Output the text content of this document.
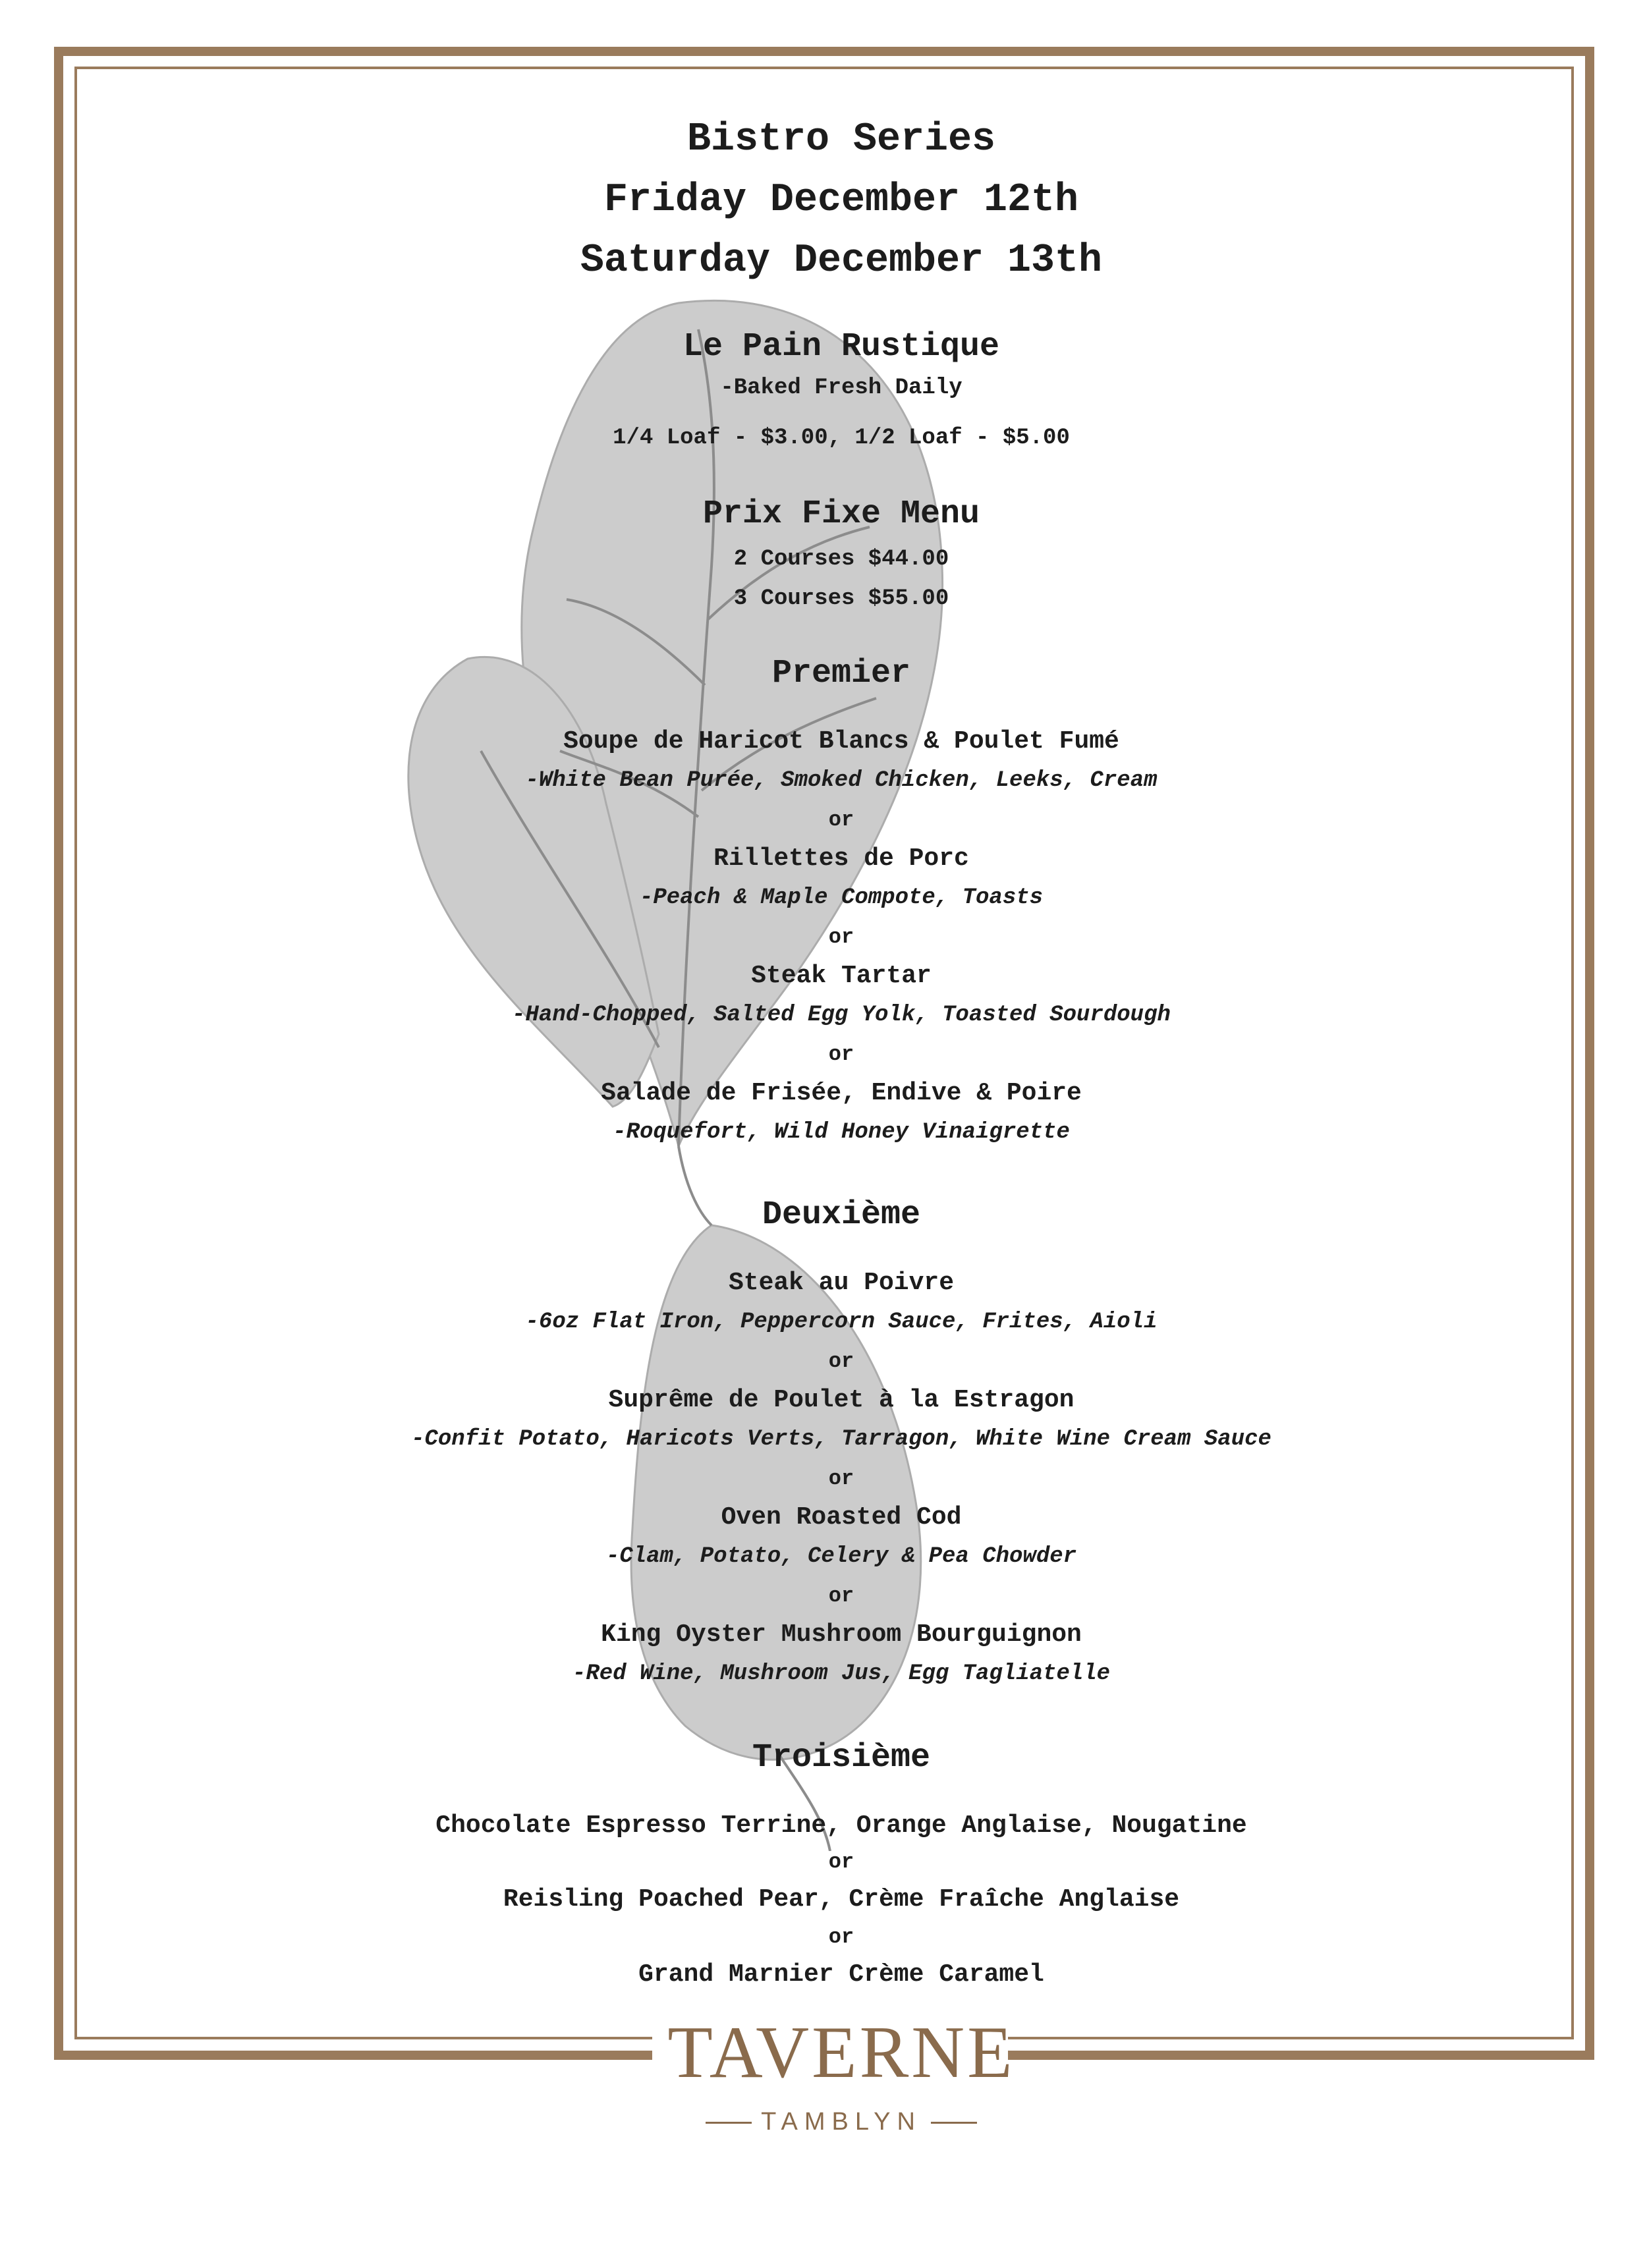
Bistro Series

Friday December 12th

Saturday December 13th

Le Pain Rustique

-Baked Fresh Daily

1/4 Loaf - $3.00, 1/2 Loaf - $5.00

Prix Fixe Menu

2 Courses $44.00

3 Courses $55.00

Premier

Soupe de Haricot Blancs & Poulet Fumé

-White Bean Purée, Smoked Chicken, Leeks, Cream

or

Rillettes de Porc

-Peach & Maple Compote, Toasts

or

Steak Tartar

-Hand-Chopped, Salted Egg Yolk, Toasted Sourdough

or

Salade de Frisée, Endive & Poire

-Roquefort, Wild Honey Vinaigrette

Deuxième

Steak au Poivre

-6oz Flat Iron, Peppercorn Sauce, Frites, Aioli

or

Suprême de Poulet à la Estragon

-Confit Potato, Haricots Verts, Tarragon, White Wine Cream Sauce

or

Oven Roasted Cod

-Clam, Potato, Celery & Pea Chowder

or

King Oyster Mushroom Bourguignon

-Red Wine, Mushroom Jus, Egg Tagliatelle

Troisième

Chocolate Espresso Terrine, Orange Anglaise, Nougatine

or

Reisling Poached Pear, Crème Fraîche Anglaise

or

Grand Marnier Crème Caramel

TAVERNE

TAMBLYN
